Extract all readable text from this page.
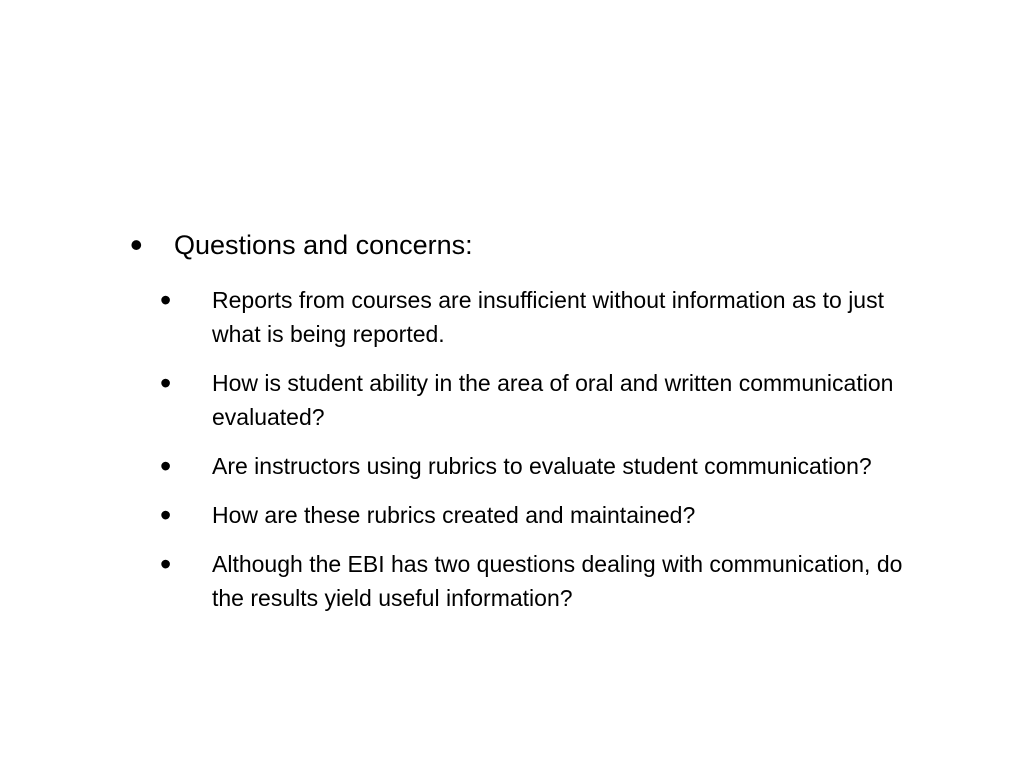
•	Questions and concerns:
•	Reports from courses are insufficient without information as to just what is being reported.
•	How is student ability in the area of oral and written communication evaluated?
•	Are instructors using rubrics to evaluate student communication?
•	How are these rubrics created and maintained?
•	Although the EBI has two questions dealing with communication, do the results yield useful information?
